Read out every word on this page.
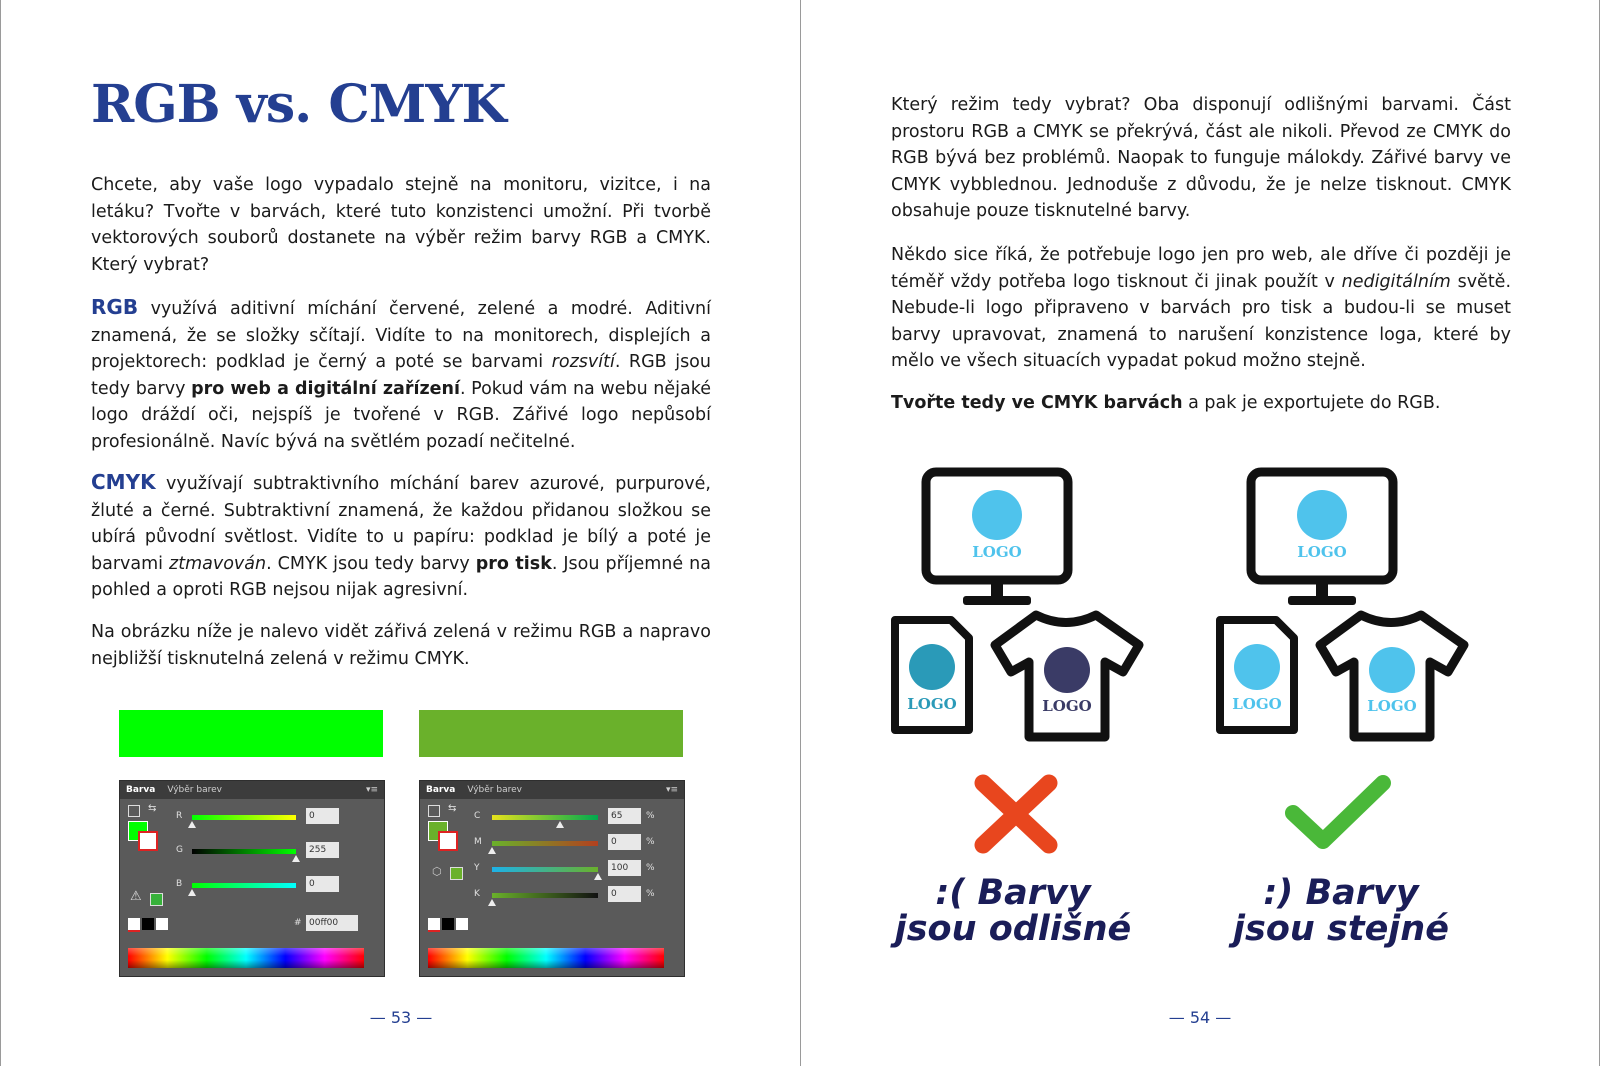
RGB vs. CMYK

Chcete, aby vaše logo vypadalo stejně na monitoru, vizitce, i na letáku? Tvořte v barvách, které tuto konzistenci umožní. Při tvorbě vektorových souborů dostanete na výběr režim barvy RGB a CMYK. Který vybrat?

RGB využívá aditivní míchání červené, zelené a modré. Aditivní znamená, že se složky sčítají. Vidíte to na monitorech, displejích a projektorech: podklad je černý a poté se barvami rozsvítí. RGB jsou tedy barvy pro web a digitální zařízení. Pokud vám na webu nějaké logo dráždí oči, nejspíš je tvořené v RGB. Zářivé logo nepůsobí profesionálně. Navíc bývá na světlém pozadí nečitelné.

CMYK využívají subtraktivního míchání barev azurové, purpurové, žluté a černé. Subtraktivní znamená, že každou přidanou složkou se ubírá původní světlost. Vidíte to u papíru: podklad je bílý a poté je barvami ztmavován. CMYK jsou tedy barvy pro tisk. Jsou příjemné na pohled a oproti RGB nejsou nijak agresivní.

Na obrázku níže je nalevo vidět zářivá zelená v režimu RGB a napravo nejbližší tisknutelná zelená v režimu CMYK.

Barva	Výběr barev	▾≡
⇆
⚠
R	0
G	255
B	0
# 00ff00
Barva	Výběr barev	▾≡
⇆
⬡
C	65	%
M	0	%
Y	100	%
K	0	%
— 53 —

Který režim tedy vybrat? Oba disponují odlišnými barvami. Část prostoru RGB a CMYK se překrývá, část ale nikoli. Převod ze CMYK do RGB bývá bez problémů. Naopak to funguje málokdy. Zářivé barvy ve CMYK vybblednou. Jednoduše z důvodu, že je nelze tisknout. CMYK obsahuje pouze tisknutelné barvy.

Někdo sice říká, že potřebuje logo jen pro web, ale dříve či později je téměř vždy potřeba logo tisknout či jinak použít v nedigitálním světě. Nebude-li logo připraveno v barvách pro tisk a budou-li se muset barvy upravovat, znamená to narušení konzistence loga, které by mělo ve všech situacích vypadat pokud možno stejně.

Tvořte tedy ve CMYK barvách a pak je exportujete do RGB.

LOGO
LOGO	LOGO
LOGO
LOGO	LOGO
:( Barvy
jsou odlišné
:) Barvy
jsou stejné
— 54 —
